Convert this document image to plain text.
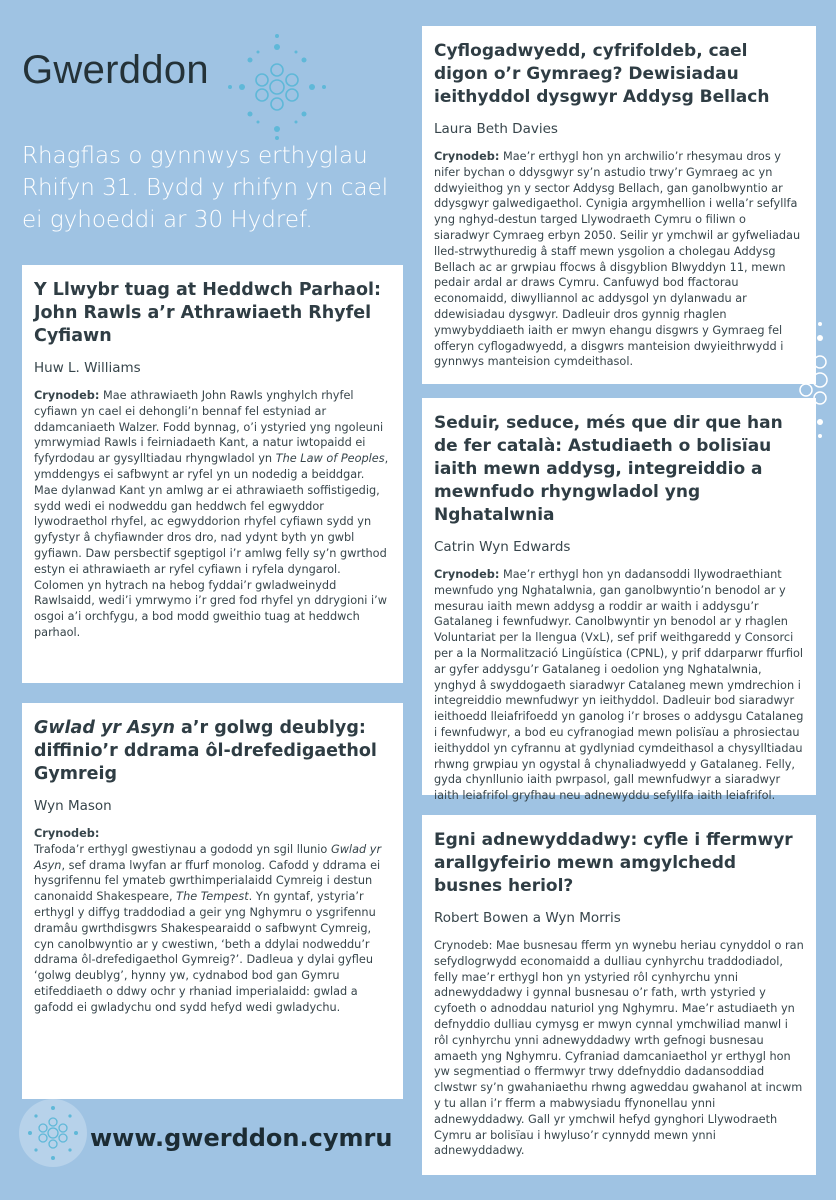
Gwerddon
Rhagflas o gynnwys erthyglau
Rhifyn 31. Bydd y rhifyn yn cael
ei gyhoeddi ar 30 Hydref.
Y Llwybr tuag at Heddwch Parhaol: John Rawls a’r Athrawiaeth Rhyfel Cyfiawn
Huw L. Williams
Crynodeb: Mae athrawiaeth John Rawls ynghylch rhyfel cyfiawn yn cael ei dehongli’n bennaf fel estyniad ar ddamcaniaeth Walzer. Fodd bynnag, o’i ystyried yng ngoleuni ymrwymiad Rawls i feirniadaeth Kant, a natur iwtopaidd ei fyfyrdodau ar gysylltiadau rhyngwladol yn The Law of Peoples, ymddengys ei safbwynt ar ryfel yn un nodedig a beiddgar. Mae dylanwad Kant yn amlwg ar ei athrawiaeth soffistigedig, sydd wedi ei nodweddu gan heddwch fel egwyddor lywodraethol rhyfel, ac egwyddorion rhyfel cyfiawn sydd yn gyfystyr â chyfiawnder dros dro, nad ydynt byth yn gwbl gyfiawn. Daw persbectif sgeptigol i’r amlwg felly sy’n gwrthod estyn ei athrawiaeth ar ryfel cyfiawn i ryfela dyngarol. Colomen yn hytrach na hebog fyddai’r gwladweinydd Rawlsaidd, wedi’i ymrwymo i’r gred fod rhyfel yn ddrygioni i’w osgoi a’i orchfygu, a bod modd gweithio tuag at heddwch parhaol.
Gwlad yr Asyn a’r golwg deublyg: diffinio’r ddrama ôl-drefedigaethol Gymreig
Wyn Mason
Crynodeb:
Trafoda’r erthygl gwestiynau a gododd yn sgil llunio Gwlad yr Asyn, sef drama lwyfan ar ffurf monolog. Cafodd y ddrama ei hysgrifennu fel ymateb gwrthimperialaidd Cymreig i destun canonaidd Shakespeare, The Tempest. Yn gyntaf, ystyria’r erthygl y diffyg traddodiad a geir yng Nghymru o ysgrifennu dramâu gwrthdisgwrs Shakespearaidd o safbwynt Cymreig, cyn canolbwyntio ar y cwestiwn, ‘beth a ddylai nodweddu’r ddrama ôl-drefedigaethol Gymreig?’. Dadleua y dylai gyfleu ‘golwg deublyg’, hynny yw, cydnabod bod gan Gymru etifeddiaeth o ddwy ochr y rhaniad imperialaidd: gwlad a gafodd ei gwladychu ond sydd hefyd wedi gwladychu.
Cyflogadwyedd, cyfrifoldeb, cael digon o’r Gymraeg? Dewisiadau ieithyddol dysgwyr Addysg Bellach
Laura Beth Davies
Crynodeb: Mae’r erthygl hon yn archwilio’r rhesymau dros y nifer bychan o ddysgwyr sy’n astudio trwy’r Gymraeg ac yn ddwyieithog yn y sector Addysg Bellach, gan ganolbwyntio ar ddysgwyr galwedigaethol. Cynigia argymhellion i wella’r sefyllfa yng nghyd-destun targed Llywodraeth Cymru o filiwn o siaradwyr Cymraeg erbyn 2050. Seilir yr ymchwil ar gyfweliadau lled-strwythuredig â staff mewn ysgolion a cholegau Addysg Bellach ac ar grwpiau ffocws â disgyblion Blwyddyn 11, mewn pedair ardal ar draws Cymru. Canfuwyd bod ffactorau economaidd, diwylliannol ac addysgol yn dylanwadu ar ddewisiadau dysgwyr. Dadleuir dros gynnig rhaglen ymwybyddiaeth iaith er mwyn ehangu disgwrs y Gymraeg fel offeryn cyflogadwyedd, a disgwrs manteision dwyieithrwydd i gynnwys manteision cymdeithasol.
Seduir, seduce, més que dir que han de fer català: Astudiaeth o bolisïau iaith mewn addysg, integreiddio a mewnfudo rhyngwladol yng Nghatalwnia
Catrin Wyn Edwards
Crynodeb: Mae’r erthygl hon yn dadansoddi llywodraethiant mewnfudo yng Nghatalwnia, gan ganolbwyntio’n benodol ar y mesurau iaith mewn addysg a roddir ar waith i addysgu’r Gatalaneg i fewnfudwyr. Canolbwyntir yn benodol ar y rhaglen Voluntariat per la llengua (VxL), sef prif weithgaredd y Consorci per a la Normalització Lingüística (CPNL), y prif ddarparwr ffurfiol ar gyfer addysgu’r Gatalaneg i oedolion yng Nghatalwnia, ynghyd â swyddogaeth siaradwyr Catalaneg mewn ymdrechion i integreiddio mewnfudwyr yn ieithyddol. Dadleuir bod siaradwyr ieithoedd lleiafrifoedd yn ganolog i’r broses o addysgu Catalaneg i fewnfudwyr, a bod eu cyfranogiad mewn polisïau a phrosiectau ieithyddol yn cyfrannu at gydlyniad cymdeithasol a chysylltiadau rhwng grwpiau yn ogystal â chynaliadwyedd y Gatalaneg. Felly, gyda chynllunio iaith pwrpasol, gall mewnfudwyr a siaradwyr iaith leiafrifol gryfhau neu adnewyddu sefyllfa iaith leiafrifol.
Egni adnewyddadwy: cyfle i ffermwyr arallgyfeirio mewn amgylchedd busnes heriol?
Robert Bowen a Wyn Morris
Crynodeb: Mae busnesau fferm yn wynebu heriau cynyddol o ran sefydlogrwydd economaidd a dulliau cynhyrchu traddodiadol, felly mae’r erthygl hon yn ystyried rôl cynhyrchu ynni adnewyddadwy i gynnal busnesau o’r fath, wrth ystyried y cyfoeth o adnoddau naturiol yng Nghymru. Mae’r astudiaeth yn defnyddio dulliau cymysg er mwyn cynnal ymchwiliad manwl i rôl cynhyrchu ynni adnewyddadwy wrth gefnogi busnesau amaeth yng Nghymru. Cyfraniad damcaniaethol yr erthygl hon yw segmentiad o ffermwyr trwy ddefnyddio dadansoddiad clwstwr sy’n gwahaniaethu rhwng agweddau gwahanol at incwm y tu allan i’r fferm a mabwysiadu ffynonellau ynni adnewyddadwy. Gall yr ymchwil hefyd gynghori Llywodraeth Cymru ar bolisïau i hwyluso’r cynnydd mewn ynni adnewyddadwy.
www.gwerddon.cymru
